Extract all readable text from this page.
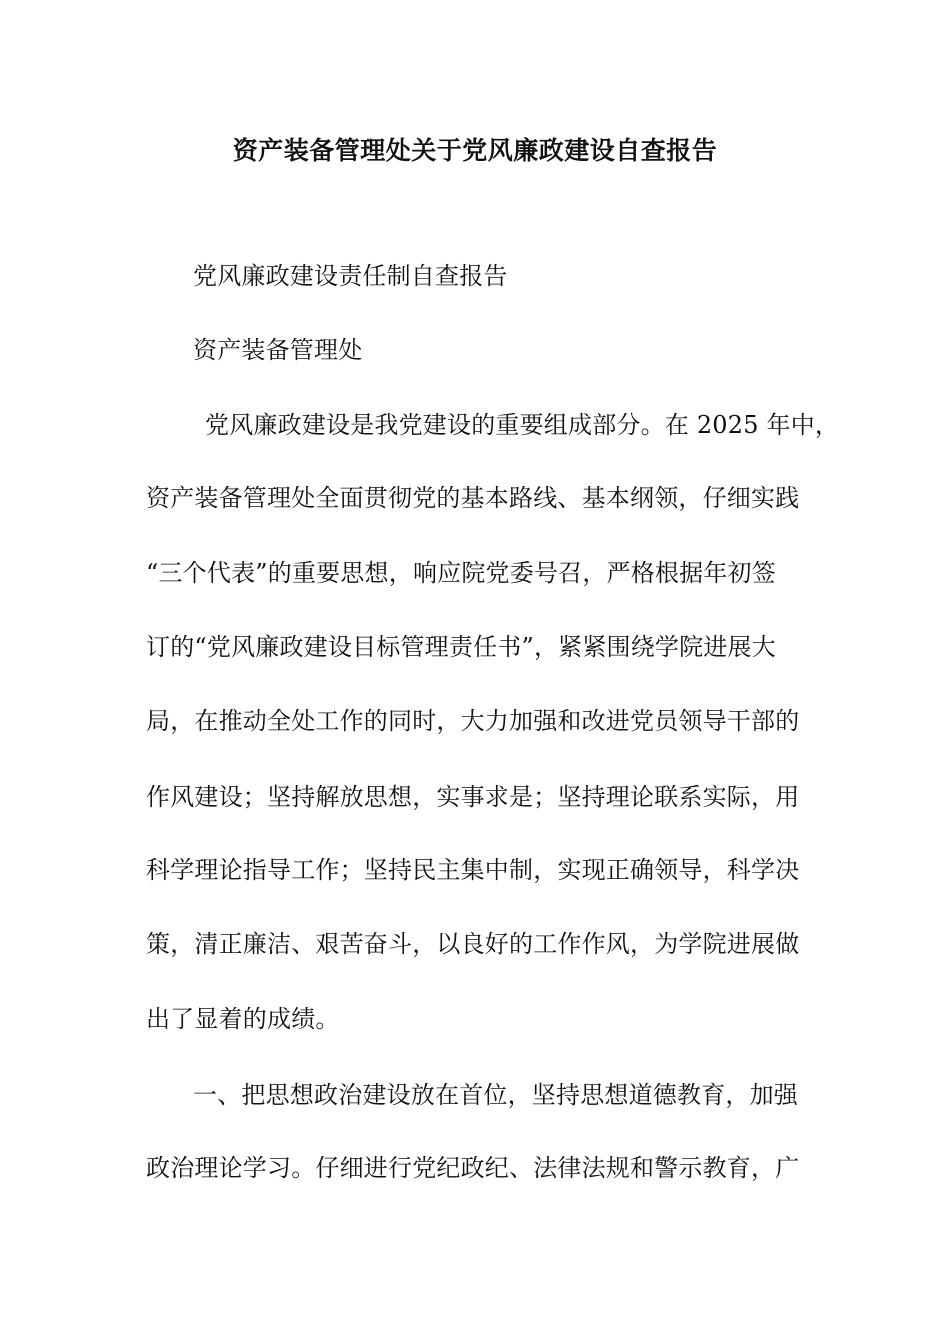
资产装备管理处关于党风廉政建设自查报告
党风廉政建设责任制自查报告
资产装备管理处
党风廉政建设是我党建设的重要组成部分。在 2025 年中，
资产装备管理处全面贯彻党的基本路线、基本纲领，仔细实践
“三个代表”的重要思想，响应院党委号召，严格根据年初签
订的“党风廉政建设目标管理责任书”，紧紧围绕学院进展大
局，在推动全处工作的同时，大力加强和改进党员领导干部的
作风建设；坚持解放思想，实事求是；坚持理论联系实际，用
科学理论指导工作；坚持民主集中制，实现正确领导，科学决
策，清正廉洁、艰苦奋斗，以良好的工作作风，为学院进展做
出了显着的成绩。
一、把思想政治建设放在首位，坚持思想道德教育，加强
政治理论学习。仔细进行党纪政纪、法律法规和警示教育，广
